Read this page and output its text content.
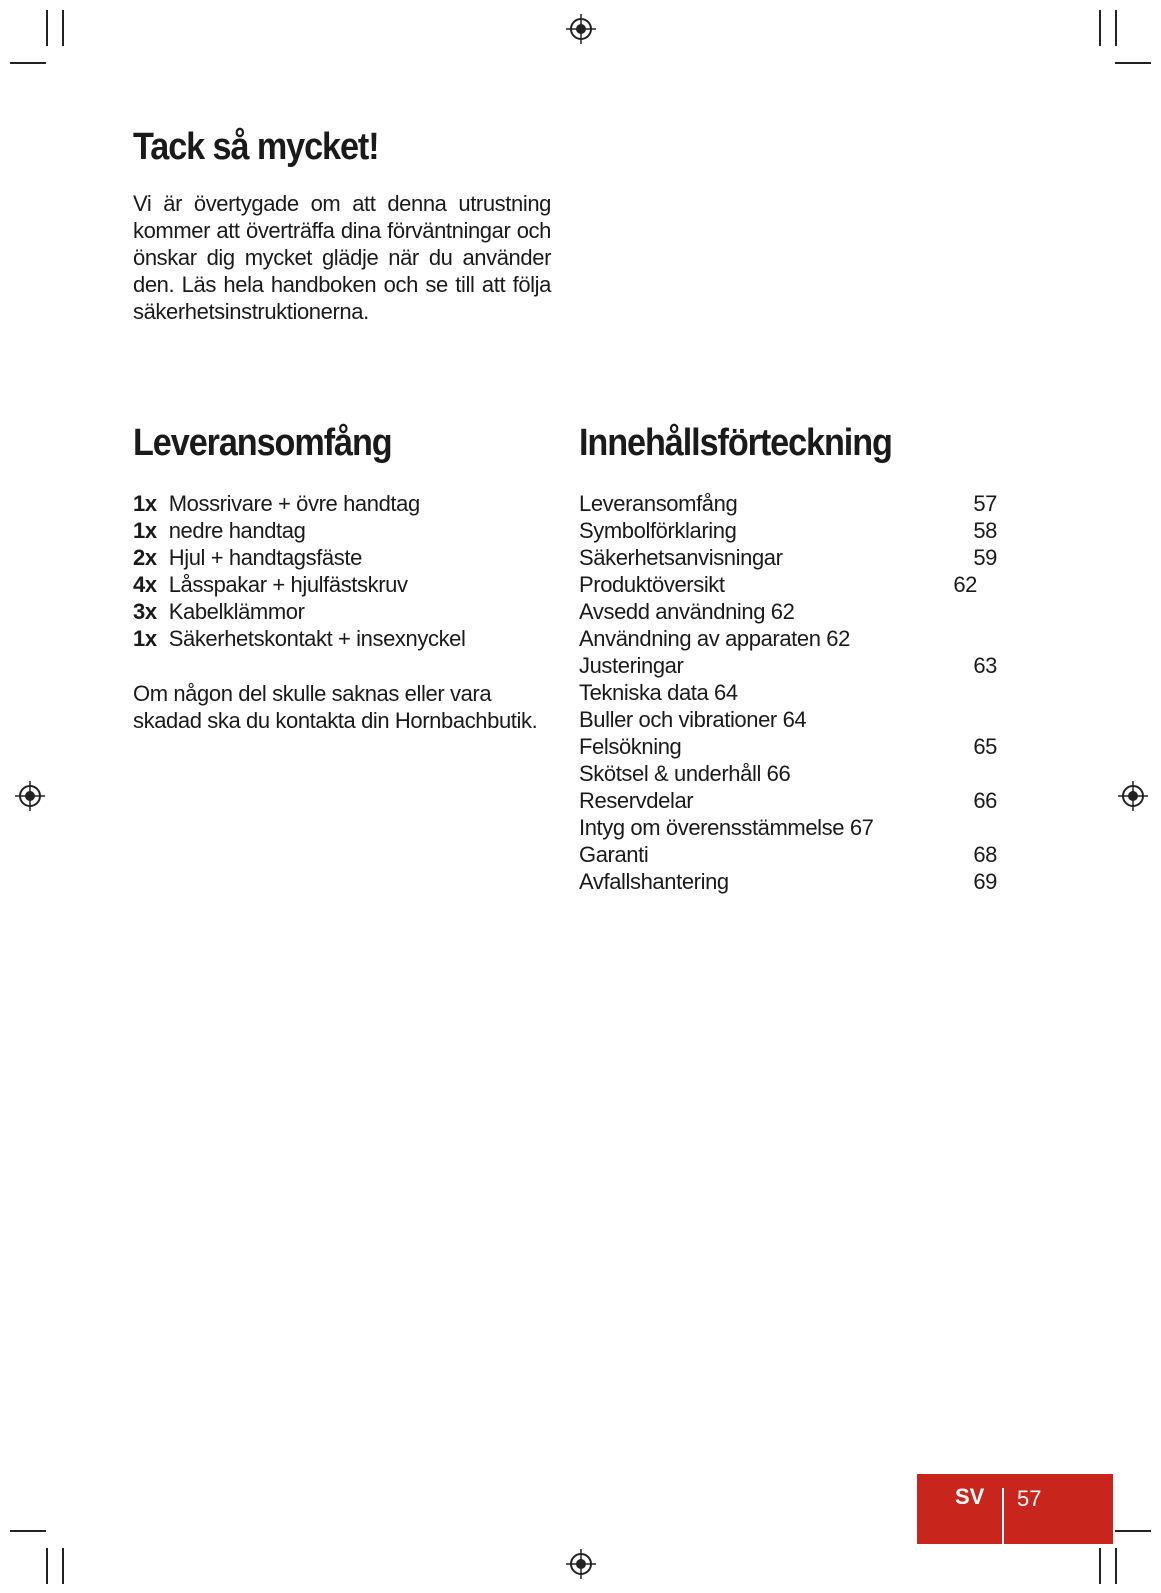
Tack så mycket!

Vi är övertygade om att denna utrustning kommer att överträffa dina förväntningar och önskar dig mycket glädje när du använder den. Läs hela handboken och se till att följa säkerhetsinstruktionerna.

Leveransomfång
1x Mossrivare + övre handtag
1x nedre handtag
2x Hjul + handtagsfäste
4x Låsspakar + hjulfästskruv
3x Kabelklämmor
1x Säkerhetskontakt + insexnyckel

Om någon del skulle saknas eller vara skadad ska du kontakta din Hornbachbutik.

Innehållsförteckning
Leveransomfång	57
Symbolförklaring	58
Säkerhetsanvisningar	59
Produktöversikt	62
Avsedd användning 62
Användning av apparaten 62
Justeringar	63
Tekniska data 64
Buller och vibrationer 64
Felsökning	65
Skötsel & underhåll 66
Reservdelar	66
Intyg om överensstämmelse 67
Garanti	68
Avfallshantering	69
SV 57
